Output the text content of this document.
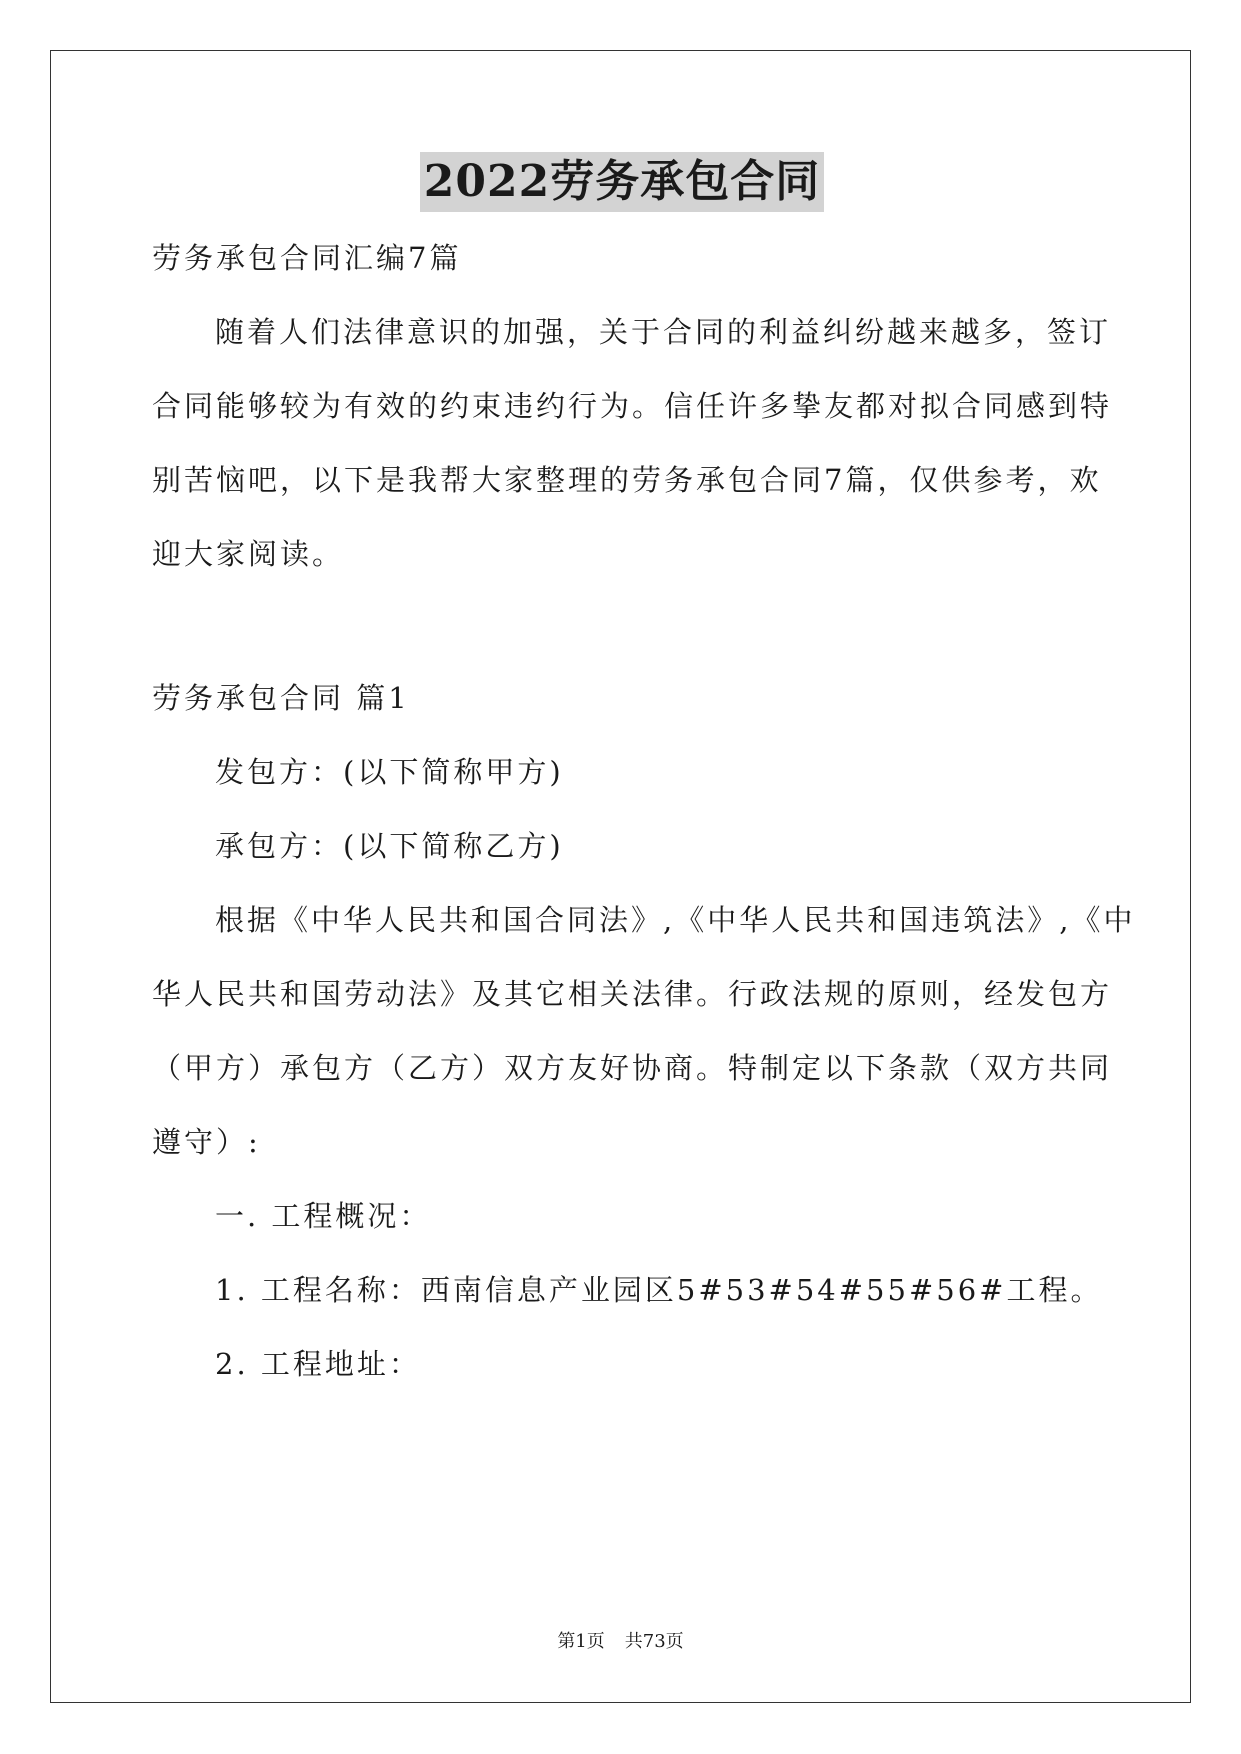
2022劳务承包合同
劳务承包合同汇编7篇
随着人们法律意识的加强，关于合同的利益纠纷越来越多，签订
合同能够较为有效的约束违约行为。信任许多挚友都对拟合同感到特
别苦恼吧，以下是我帮大家整理的劳务承包合同7篇，仅供参考，欢
迎大家阅读。
劳务承包合同 篇1
发包方：(以下简称甲方)
承包方：(以下简称乙方)
根据《中华人民共和国合同法》,《中华人民共和国违筑法》,《中
华人民共和国劳动法》及其它相关法律。行政法规的原则，经发包方
（甲方）承包方（乙方）双方友好协商。特制定以下条款（双方共同
遵守）:
一. 工程概况：
1. 工程名称：西南信息产业园区5#53#54#55#56#工程。
2. 工程地址：
第1页 共73页
